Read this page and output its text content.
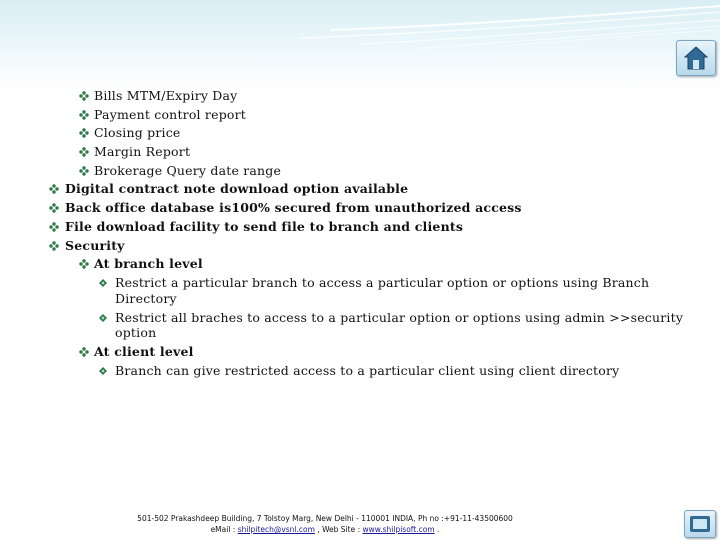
Bills MTM/Expiry Day
Payment control report
Closing price
Margin Report
Brokerage Query date range
Digital contract note download option available
Back office database is100% secured from unauthorized access
File download facility to send file to branch and clients
Security
At branch level
Restrict a particular branch to access a particular option or options using Branch
Directory
Restrict all braches to access to a particular option or options using admin >>security
option
At client level
Branch can give restricted access to a particular client using client directory
501-502 Prakashdeep Building, 7 Tolstoy Marg, New Delhi - 110001 INDIA, Ph no :+91-11-43500600
eMail : shilpitech@vsnl.com , Web Site : www.shilpisoft.com .
